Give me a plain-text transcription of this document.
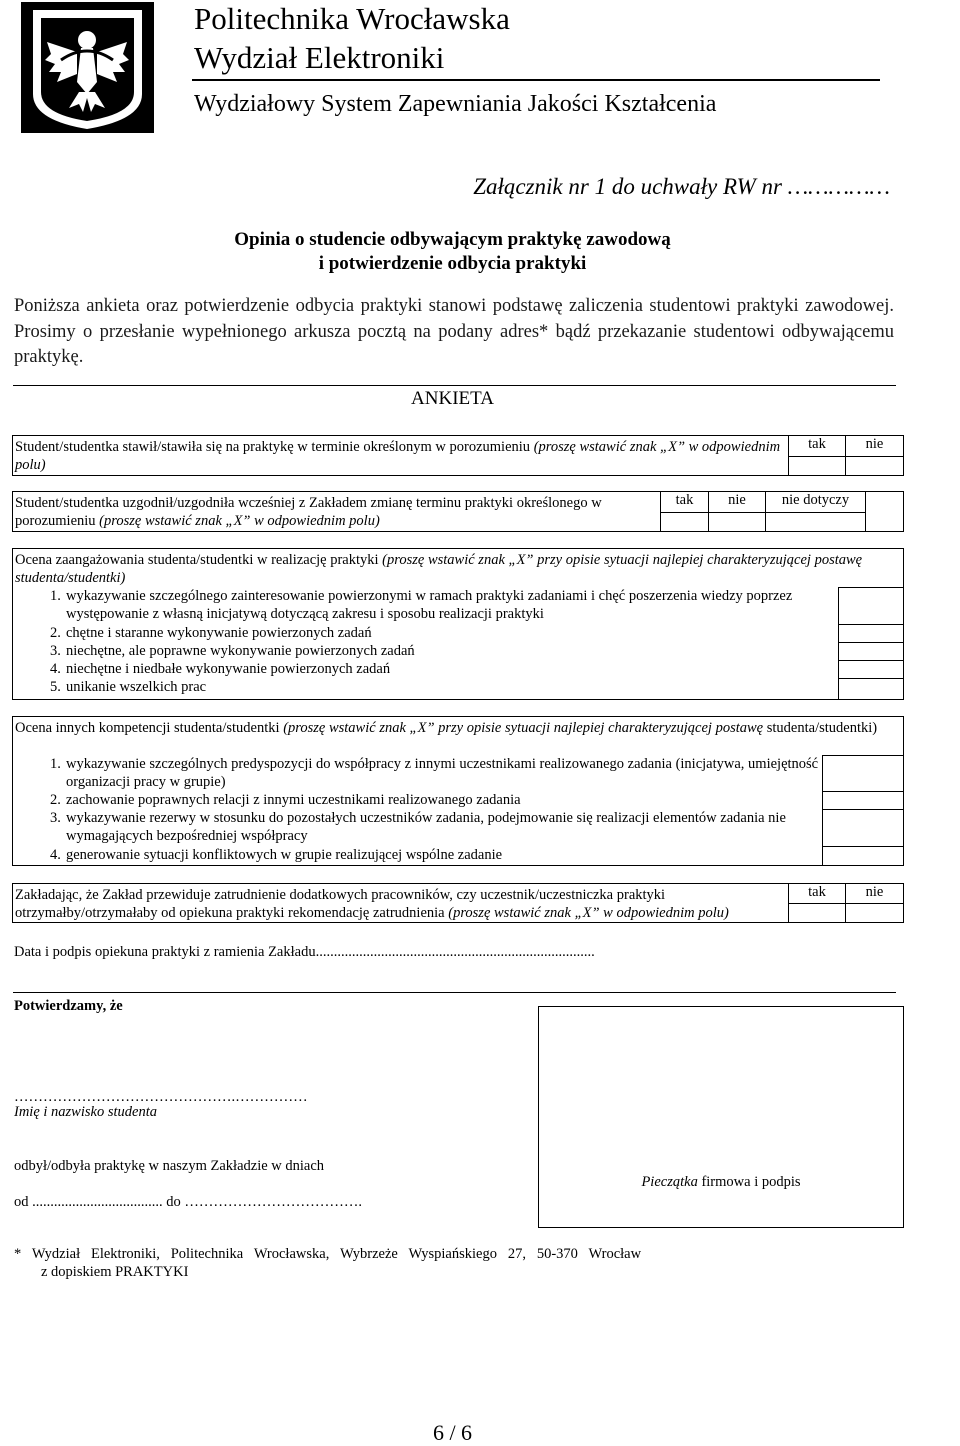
Politechnika Wrocławska
Wydział Elektroniki
Wydziałowy System Zapewniania Jakości Kształcenia
Załącznik nr 1 do uchwały RW nr ……………
Opinia o studencie odbywającym praktykę zawodową
i potwierdzenie odbycia praktyki
Poniższa ankieta oraz potwierdzenie odbycia praktyki stanowi podstawę zaliczenia studentowi praktyki zawodowej. Prosimy o przesłanie wypełnionego arkusza pocztą na podany adres* bądź przekazanie studentowi odbywającemu praktykę.
ANKIETA
Student/studentka stawił/stawiła się na praktykę w terminie określonym w porozumieniu (proszę wstawić znak „X” w odpowiednim polu)
tak	nie
Student/studentka uzgodnił/uzgodniła wcześniej z Zakładem zmianę terminu praktyki określonego w porozumieniu (proszę wstawić znak „X” w odpowiednim polu)
tak	nie	nie dotyczy
Ocena zaangażowania studenta/studentki w realizację praktyki (proszę wstawić znak „X” przy opisie sytuacji najlepiej charakteryzującej postawę studenta/studentki)
1. wykazywanie szczególnego zainteresowanie powierzonymi w ramach praktyki zadaniami i chęć poszerzenia wiedzy poprzez występowanie z własną inicjatywą dotyczącą zakresu i sposobu realizacji praktyki
2. chętne i staranne wykonywanie powierzonych zadań
3. niechętne, ale poprawne wykonywanie powierzonych zadań
4. niechętne i niedbałe wykonywanie powierzonych zadań
5. unikanie wszelkich prac
Ocena innych kompetencji studenta/studentki (proszę wstawić znak „X” przy opisie sytuacji najlepiej charakteryzującej postawę studenta/studentki)
1. wykazywanie szczególnych predyspozycji do współpracy z innymi uczestnikami realizowanego zadania (inicjatywa, umiejętność organizacji pracy w grupie)
2. zachowanie poprawnych relacji z innymi uczestnikami realizowanego zadania
3. wykazywanie rezerwy w stosunku do pozostałych uczestników zadania, podejmowanie się realizacji elementów zadania nie wymagających bezpośredniej współpracy
4. generowanie sytuacji konfliktowych w grupie realizującej wspólne zadanie
Zakładając, że Zakład przewiduje zatrudnienie dodatkowych pracowników, czy uczestnik/uczestniczka praktyki otrzymałby/otrzymałaby od opiekuna praktyki rekomendację zatrudnienia (proszę wstawić znak „X” w odpowiednim polu)
tak	nie
Data i podpis opiekuna praktyki z ramienia Zakładu.............................................................................
Potwierdzamy, że
……………………………………….……………
Imię i nazwisko studenta
odbył/odbyła praktykę w naszym Zakładzie w dniach
od .................................... do ……………………………….
Pieczątka firmowa i podpis
*   Wydział   Elektroniki,   Politechnika   Wrocławska,   Wybrzeże   Wyspiańskiego   27,   50-370   Wrocław
z dopiskiem PRAKTYKI
6 / 6
